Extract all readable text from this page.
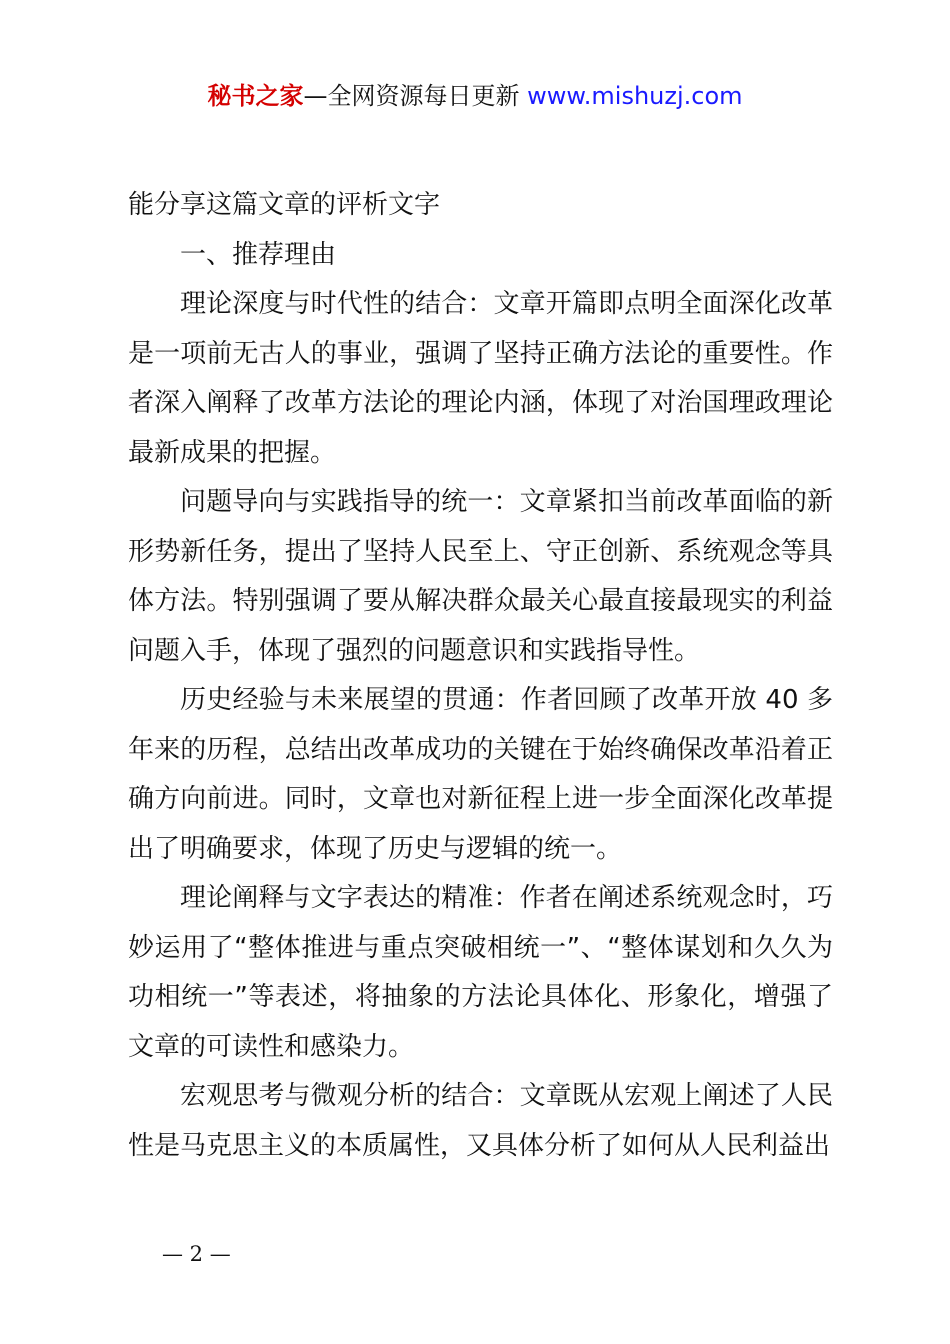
秘书之家—全网资源每日更新 www.mishuzj.com

能分享这篇文章的评析文字

一、推荐理由

理论深度与时代性的结合：文章开篇即点明全面深化改革是一项前无古人的事业，强调了坚持正确方法论的重要性。作者深入阐释了改革方法论的理论内涵，体现了对治国理政理论最新成果的把握。

问题导向与实践指导的统一：文章紧扣当前改革面临的新形势新任务，提出了坚持人民至上、守正创新、系统观念等具体方法。特别强调了要从解决群众最关心最直接最现实的利益问题入手，体现了强烈的问题意识和实践指导性。

历史经验与未来展望的贯通：作者回顾了改革开放 40 多年来的历程，总结出改革成功的关键在于始终确保改革沿着正确方向前进。同时，文章也对新征程上进一步全面深化改革提出了明确要求，体现了历史与逻辑的统一。

理论阐释与文字表达的精准：作者在阐述系统观念时，巧妙运用了“整体推进与重点突破相统一”、“整体谋划和久久为功相统一”等表述，将抽象的方法论具体化、形象化，增强了文章的可读性和感染力。

宏观思考与微观分析的结合：文章既从宏观上阐述了人民性是马克思主义的本质属性，又具体分析了如何从人民利益出

— 2 —
